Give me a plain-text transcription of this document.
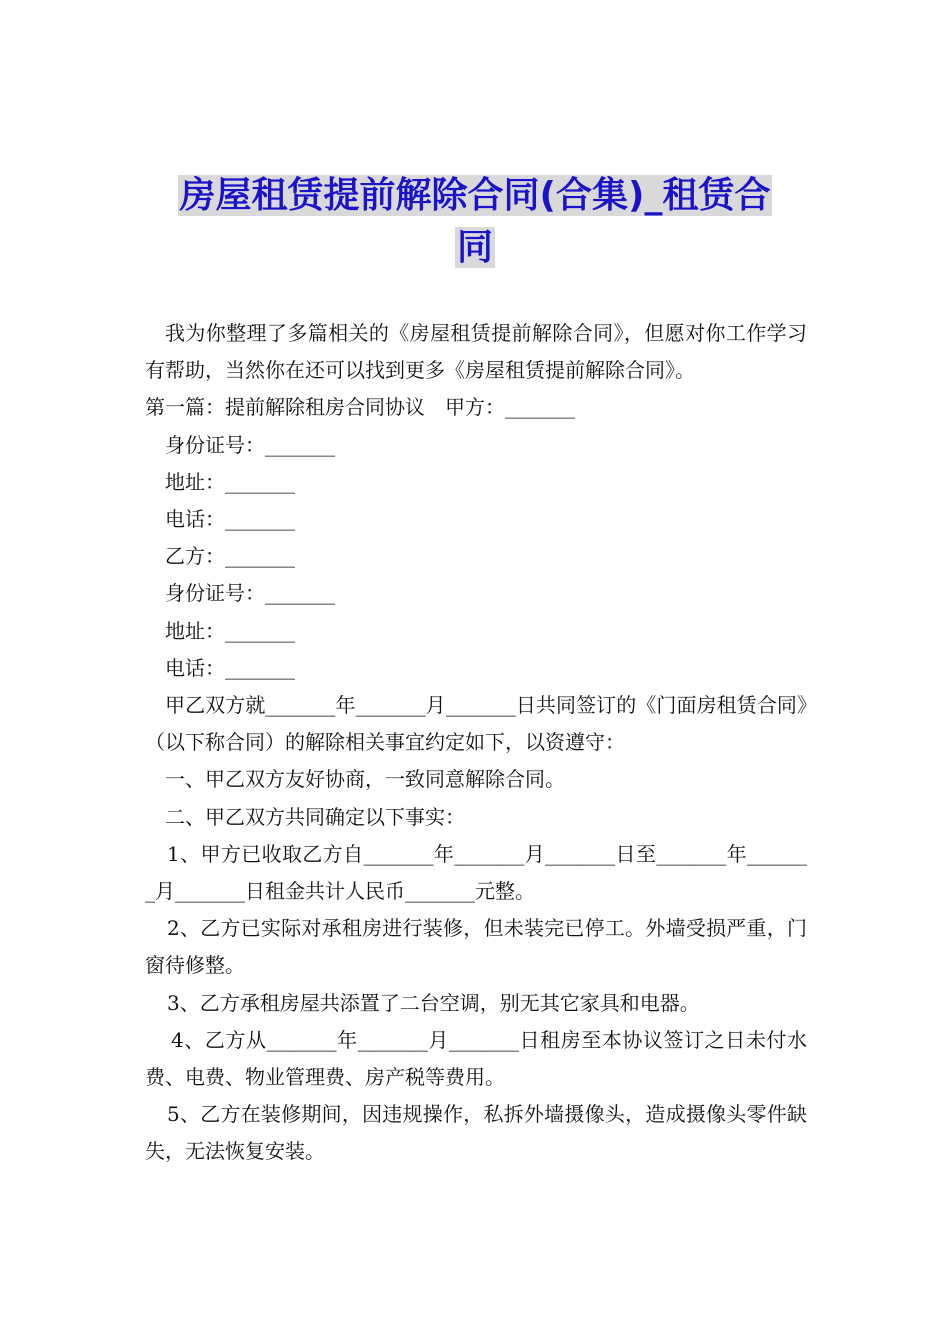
房屋租赁提前解除合同(合集)_租赁合
同

我为你整理了多篇相关的《房屋租赁提前解除合同》，但愿对你工作学习有帮助，当然你在还可以找到更多《房屋租赁提前解除合同》。

第一篇：提前解除租房合同协议　甲方：_______

身份证号：_______

地址：_______

电话：_______

乙方：_______

身份证号：_______

地址：_______

电话：_______

甲乙双方就_______年_______月_______日共同签订的《门面房租赁合同》（以下称合同）的解除相关事宜约定如下，以资遵守：

一、甲乙双方友好协商，一致同意解除合同。

二、甲乙双方共同确定以下事实：

1、甲方已收取乙方自_______年_______月_______日至_______年_______月_______日租金共计人民币_______元整。

2、乙方已实际对承租房进行装修，但未装完已停工。外墙受损严重，门窗待修整。

3、乙方承租房屋共添置了二台空调，别无其它家具和电器。

4、乙方从_______年_______月_______日租房至本协议签订之日未付水费、电费、物业管理费、房产税等费用。

5、乙方在装修期间，因违规操作，私拆外墙摄像头，造成摄像头零件缺失，无法恢复安装。
